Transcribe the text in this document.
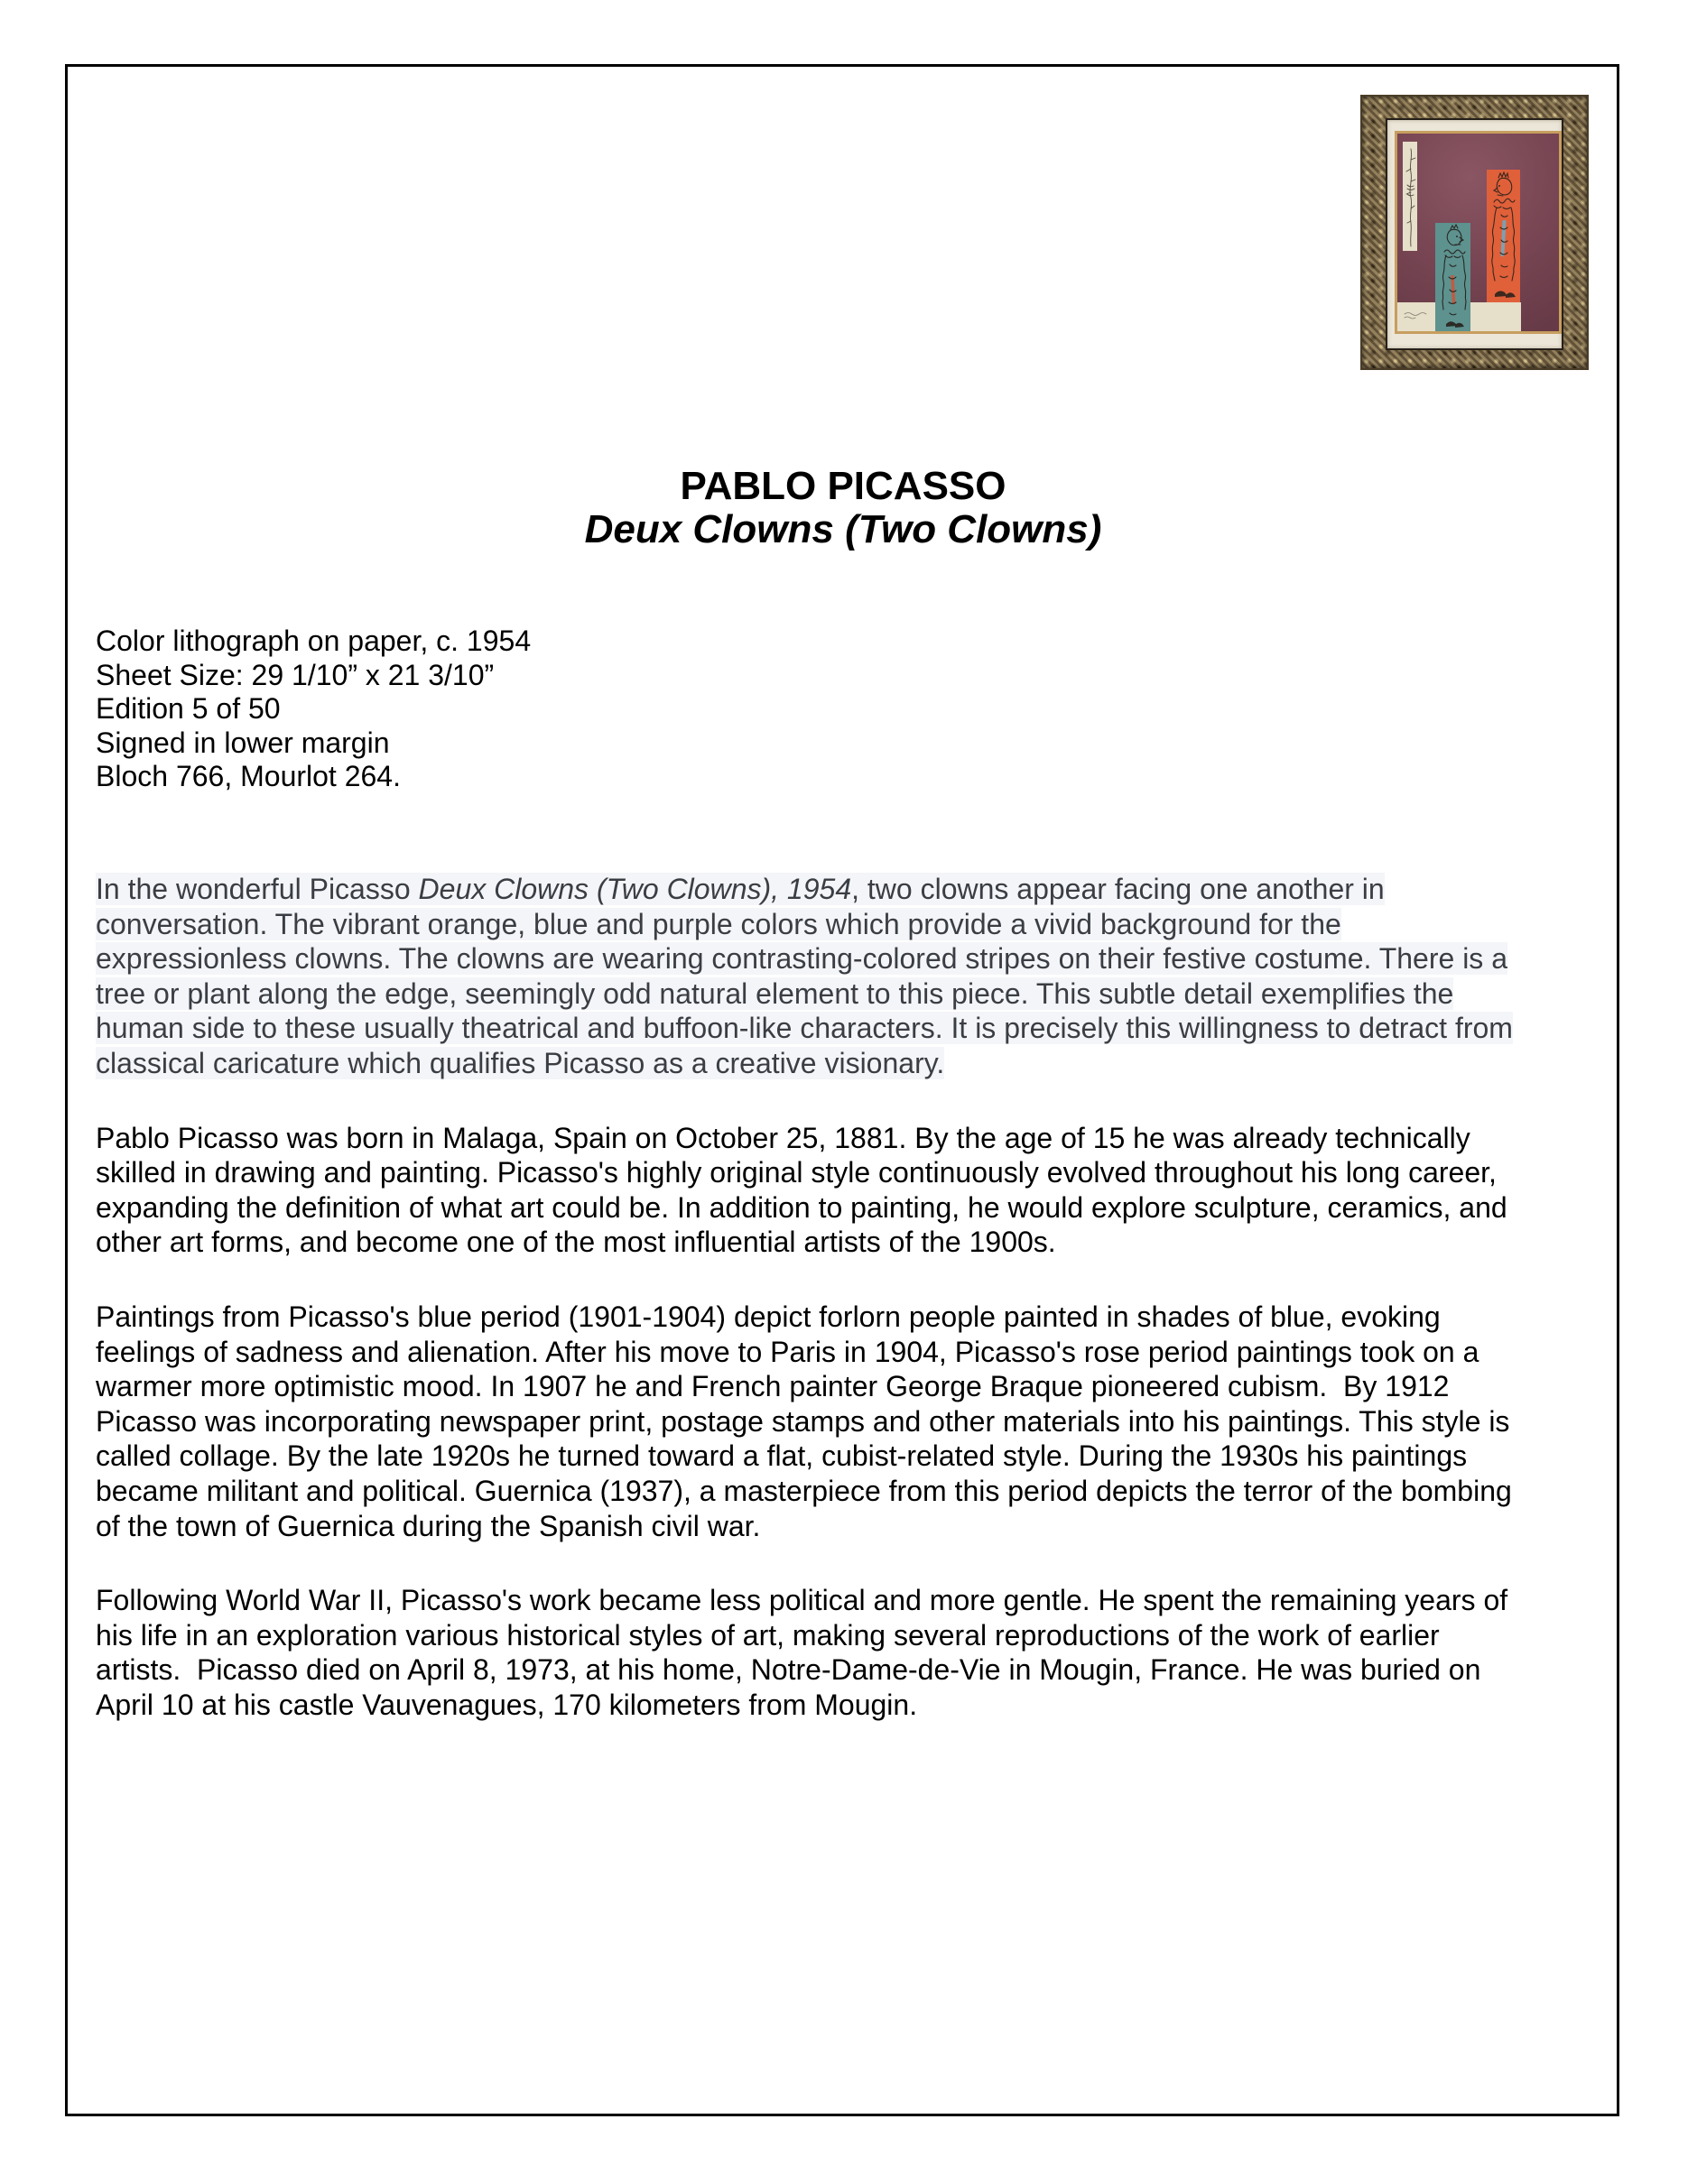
PABLO PICASSO
Deux Clowns (Two Clowns)
Color lithograph on paper, c. 1954
Sheet Size: 29 1/10” x 21 3/10”
Edition 5 of 50
Signed in lower margin
Bloch 766, Mourlot 264.
In the wonderful Picasso Deux Clowns (Two Clowns), 1954, two clowns appear facing one another in
conversation. The vibrant orange, blue and purple colors which provide a vivid background for the
expressionless clowns. The clowns are wearing contrasting-colored stripes on their festive costume. There is a
tree or plant along the edge, seemingly odd natural element to this piece. This subtle detail exemplifies the
human side to these usually theatrical and buffoon-like characters. It is precisely this willingness to detract from
classical caricature which qualifies Picasso as a creative visionary.
Pablo Picasso was born in Malaga, Spain on October 25, 1881. By the age of 15 he was already technically
skilled in drawing and painting. Picasso's highly original style continuously evolved throughout his long career,
expanding the definition of what art could be. In addition to painting, he would explore sculpture, ceramics, and
other art forms, and become one of the most influential artists of the 1900s.
Paintings from Picasso's blue period (1901-1904) depict forlorn people painted in shades of blue, evoking
feelings of sadness and alienation. After his move to Paris in 1904, Picasso's rose period paintings took on a
warmer more optimistic mood. In 1907 he and French painter George Braque pioneered cubism.  By 1912
Picasso was incorporating newspaper print, postage stamps and other materials into his paintings. This style is
called collage. By the late 1920s he turned toward a flat, cubist-related style. During the 1930s his paintings
became militant and political. Guernica (1937), a masterpiece from this period depicts the terror of the bombing
of the town of Guernica during the Spanish civil war.
Following World War II, Picasso's work became less political and more gentle. He spent the remaining years of
his life in an exploration various historical styles of art, making several reproductions of the work of earlier
artists.  Picasso died on April 8, 1973, at his home, Notre-Dame-de-Vie in Mougin, France. He was buried on
April 10 at his castle Vauvenagues, 170 kilometers from Mougin.
